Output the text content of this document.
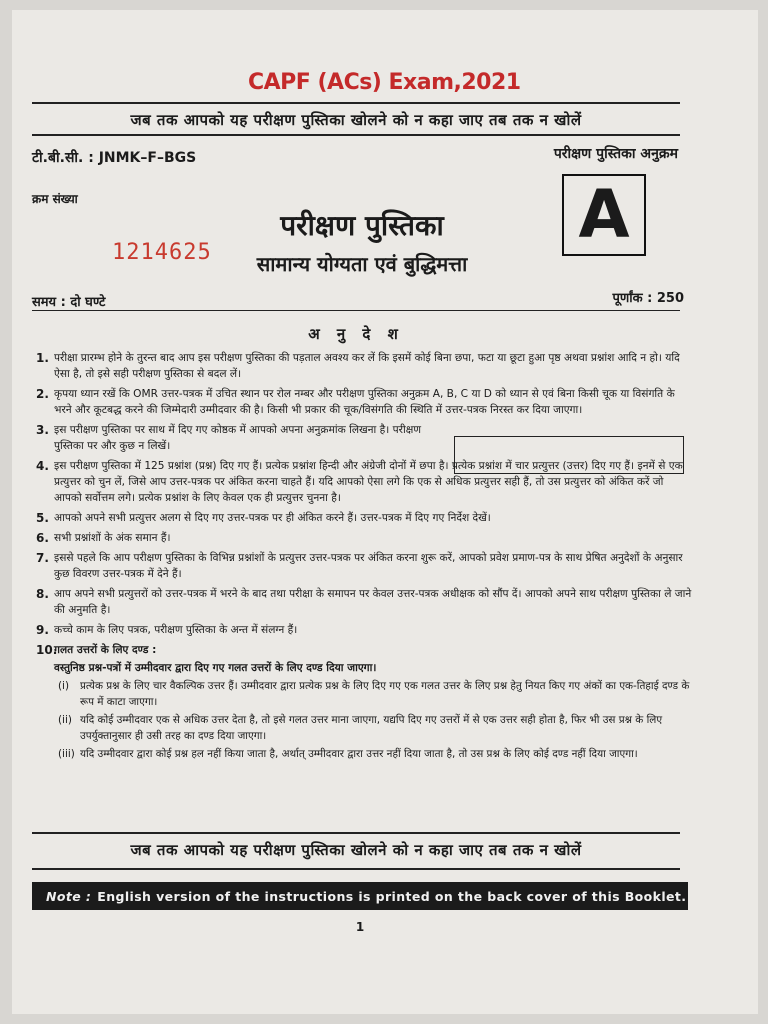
CAPF (ACs) Exam,2021
जब तक आपको यह परीक्षण पुस्तिका खोलने को न कहा जाए तब तक न खोलें
टी.बी.सी. : JNMK–F–BGS	परीक्षण पुस्तिका अनुक्रम
क्रम संख्या
1214625
परीक्षण पुस्तिका
सामान्य योग्यता एवं बुद्धिमत्ता
A
समय : दो घण्टे	पूर्णांक : 250
अ नु दे श
1. परीक्षा प्रारम्भ होने के तुरन्त बाद आप इस परीक्षण पुस्तिका की पड़ताल अवश्य कर लें कि इसमें कोई बिना छपा, फटा या छूटा हुआ पृष्ठ अथवा प्रश्नांश आदि न हो। यदि ऐसा है, तो इसे सही परीक्षण पुस्तिका से बदल लें।
2. कृपया ध्यान रखें कि OMR उत्तर-पत्रक में उचित स्थान पर रोल नम्बर और परीक्षण पुस्तिका अनुक्रम A, B, C या D को ध्यान से एवं बिना किसी चूक या विसंगति के भरने और कूटबद्ध करने की जिम्मेदारी उम्मीदवार की है। किसी भी प्रकार की चूक/विसंगति की स्थिति में उत्तर-पत्रक निरस्त कर दिया जाएगा।
3. इस परीक्षण पुस्तिका पर साथ में दिए गए कोष्ठक में आपको अपना अनुक्रमांक लिखना है। परीक्षण पुस्तिका पर और कुछ न लिखें।
4. इस परीक्षण पुस्तिका में 125 प्रश्नांश (प्रश्न) दिए गए हैं। प्रत्येक प्रश्नांश हिन्दी और अंग्रेजी दोनों में छपा है। प्रत्येक प्रश्नांश में चार प्रत्युत्तर (उत्तर) दिए गए हैं। इनमें से एक प्रत्युत्तर को चुन लें, जिसे आप उत्तर-पत्रक पर अंकित करना चाहते हैं। यदि आपको ऐसा लगे कि एक से अधिक प्रत्युत्तर सही हैं, तो उस प्रत्युत्तर को अंकित करें जो आपको सर्वोत्तम लगे। प्रत्येक प्रश्नांश के लिए केवल एक ही प्रत्युत्तर चुनना है।
5. आपको अपने सभी प्रत्युत्तर अलग से दिए गए उत्तर-पत्रक पर ही अंकित करने हैं। उत्तर-पत्रक में दिए गए निर्देश देखें।
6. सभी प्रश्नांशों के अंक समान हैं।
7. इससे पहले कि आप परीक्षण पुस्तिका के विभिन्न प्रश्नांशों के प्रत्युत्तर उत्तर-पत्रक पर अंकित करना शुरू करें, आपको प्रवेश प्रमाण-पत्र के साथ प्रेषित अनुदेशों के अनुसार कुछ विवरण उत्तर-पत्रक में देने हैं।
8. आप अपने सभी प्रत्युत्तरों को उत्तर-पत्रक में भरने के बाद तथा परीक्षा के समापन पर केवल उत्तर-पत्रक अधीक्षक को सौंप दें। आपको अपने साथ परीक्षण पुस्तिका ले जाने की अनुमति है।
9. कच्चे काम के लिए पत्रक, परीक्षण पुस्तिका के अन्त में संलग्न हैं।
10.
गलत उत्तरों के लिए दण्ड :
वस्तुनिष्ठ प्रश्न-पत्रों में उम्मीदवार द्वारा दिए गए गलत उत्तरों के लिए दण्ड दिया जाएगा।
(i) प्रत्येक प्रश्न के लिए चार वैकल्पिक उत्तर हैं। उम्मीदवार द्वारा प्रत्येक प्रश्न के लिए दिए गए एक गलत उत्तर के लिए प्रश्न हेतु नियत किए गए अंकों का एक-तिहाई दण्ड के रूप में काटा जाएगा।
(ii) यदि कोई उम्मीदवार एक से अधिक उत्तर देता है, तो इसे गलत उत्तर माना जाएगा, यद्यपि दिए गए उत्तरों में से एक उत्तर सही होता है, फिर भी उस प्रश्न के लिए उपर्युक्तानुसार ही उसी तरह का दण्ड दिया जाएगा।
(iii) यदि उम्मीदवार द्वारा कोई प्रश्न हल नहीं किया जाता है, अर्थात् उम्मीदवार द्वारा उत्तर नहीं दिया जाता है, तो उस प्रश्न के लिए कोई दण्ड नहीं दिया जाएगा।
जब तक आपको यह परीक्षण पुस्तिका खोलने को न कहा जाए तब तक न खोलें
Note : English version of the instructions is printed on the back cover of this Booklet.
1
